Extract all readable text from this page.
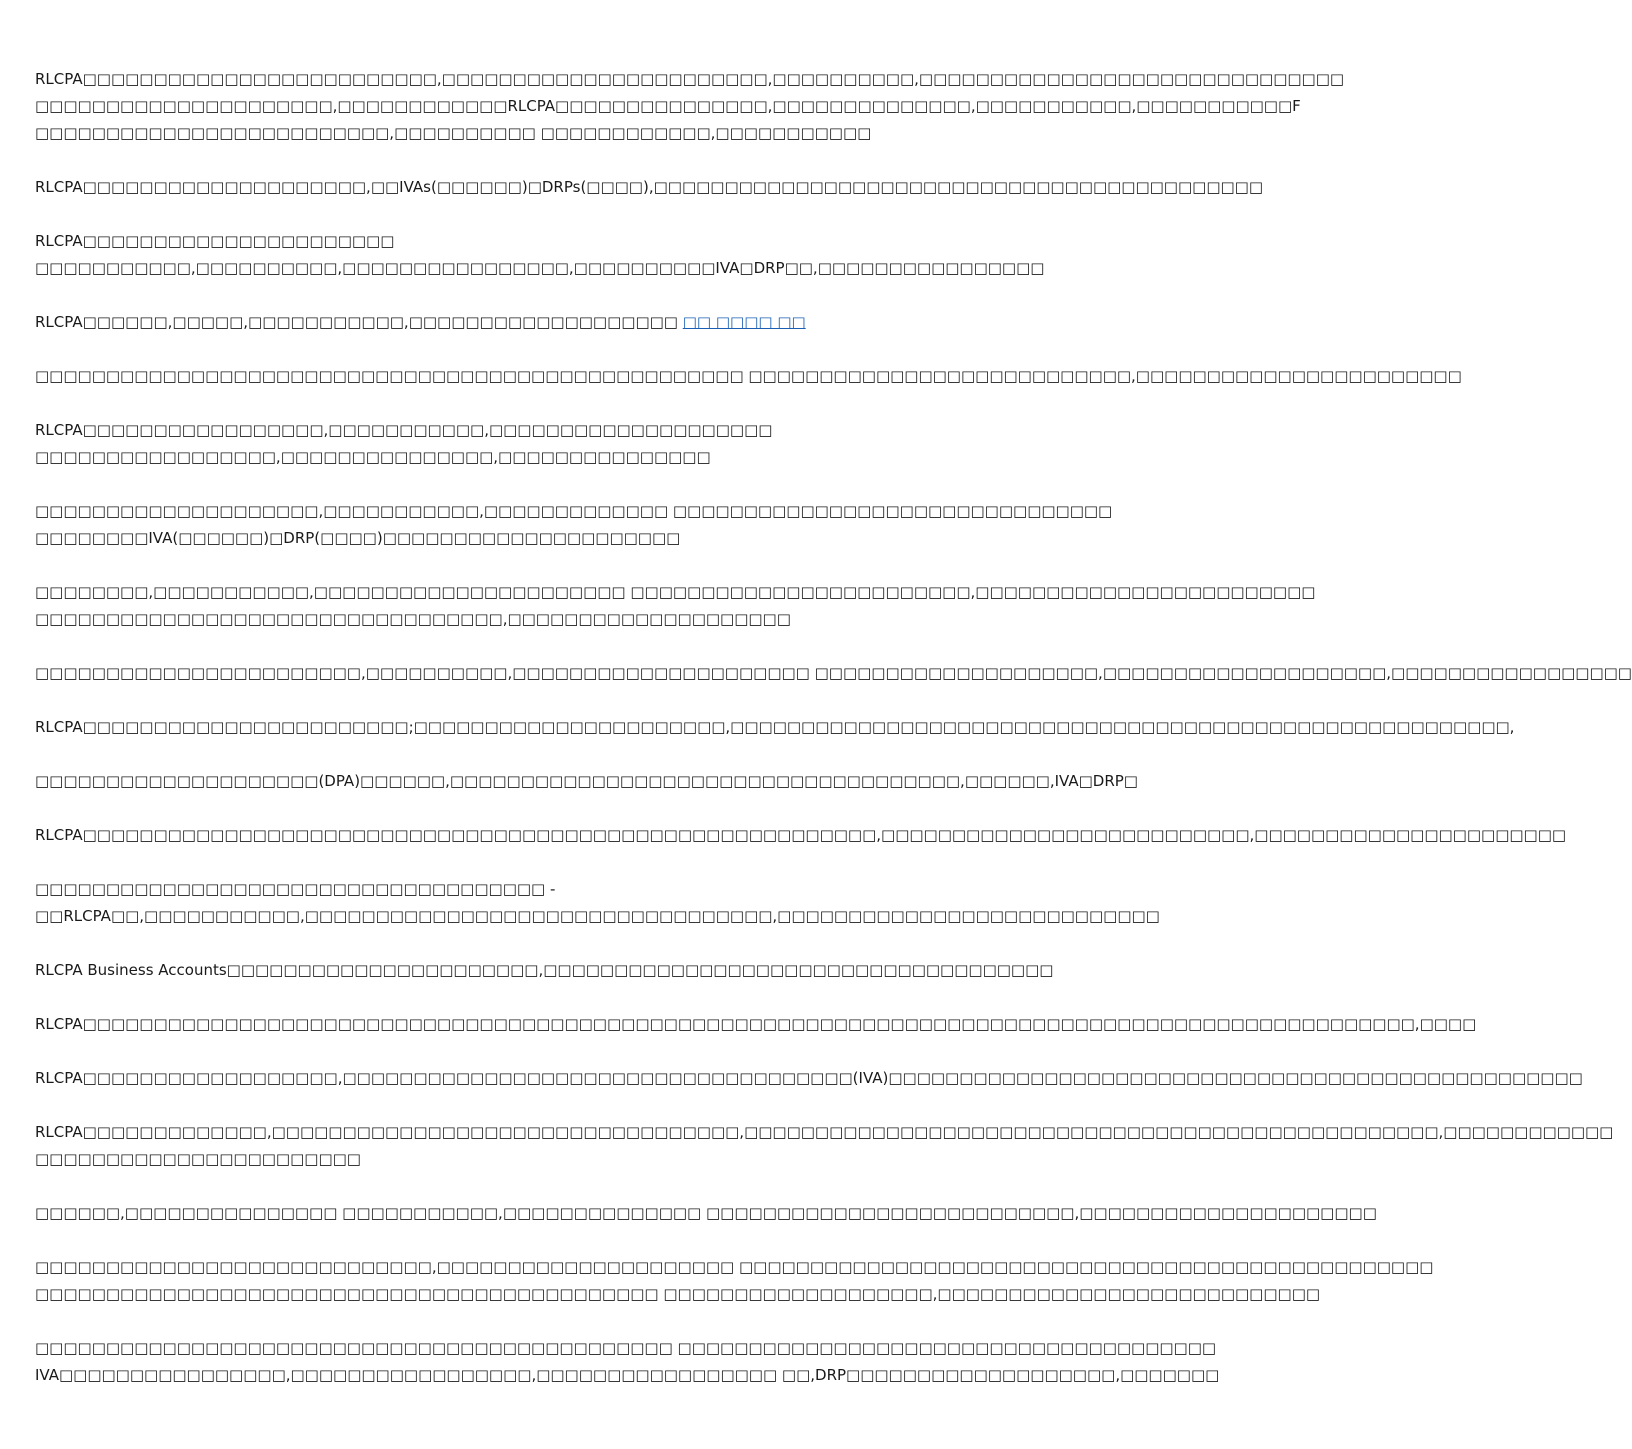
RLCPA□□□□□□□□□□□□□□□□□□□□□□□□□,□□□□□□□□□□□□□□□□□□□□□□□,□□□□□□□□□□,□□□□□□□□□□□□□□□□□□□□□□□□□□□□□□
□□□□□□□□□□□□□□□□□□□□□,□□□□□□□□□□□□RLCPA□□□□□□□□□□□□□□□,□□□□□□□□□□□□□□,□□□□□□□□□□□,□□□□□□□□□□□F
□□□□□□□□□□□□□□□□□□□□□□□□□,□□□□□□□□□□ □□□□□□□□□□□□,□□□□□□□□□□□
RLCPA□□□□□□□□□□□□□□□□□□□□,□□IVAs(□□□□□□)□DRPs(□□□□),□□□□□□□□□□□□□□□□□□□□□□□□□□□□□□□□□□□□□□□□□□□
RLCPA□□□□□□□□□□□□□□□□□□□□□□
□□□□□□□□□□□,□□□□□□□□□□,□□□□□□□□□□□□□□□□,□□□□□□□□□□IVA□DRP□□,□□□□□□□□□□□□□□□□
RLCPA□□□□□□,□□□□□,□□□□□□□□□□□,□□□□□□□□□□□□□□□□□□□ □□ □□□□ □□
□□□□□□□□□□□□□□□□□□□□□□□□□□□□□□□□□□□□□□□□□□□□□□□□□□ □□□□□□□□□□□□□□□□□□□□□□□□□□□,□□□□□□□□□□□□□□□□□□□□□□□
RLCPA□□□□□□□□□□□□□□□□□,□□□□□□□□□□□,□□□□□□□□□□□□□□□□□□□□
□□□□□□□□□□□□□□□□□,□□□□□□□□□□□□□□□,□□□□□□□□□□□□□□□
□□□□□□□□□□□□□□□□□□□□,□□□□□□□□□□□,□□□□□□□□□□□□□ □□□□□□□□□□□□□□□□□□□□□□□□□□□□□□□
□□□□□□□□IVA(□□□□□□)□DRP(□□□□)□□□□□□□□□□□□□□□□□□□□□
□□□□□□□□,□□□□□□□□□□□,□□□□□□□□□□□□□□□□□□□□□□ □□□□□□□□□□□□□□□□□□□□□□□□,□□□□□□□□□□□□□□□□□□□□□□□□
□□□□□□□□□□□□□□□□□□□□□□□□□□□□□□□□□,□□□□□□□□□□□□□□□□□□□□
□□□□□□□□□□□□□□□□□□□□□□□,□□□□□□□□□□,□□□□□□□□□□□□□□□□□□□□□ □□□□□□□□□□□□□□□□□□□□,□□□□□□□□□□□□□□□□□□□□,□□□□□□□□□□□□□□□□□
RLCPA□□□□□□□□□□□□□□□□□□□□□□□;□□□□□□□□□□□□□□□□□□□□□□,□□□□□□□□□□□□□□□□□□□□□□□□□□□□□□□□□□□□□□□□□□□□□□□□□□□□□□□,
□□□□□□□□□□□□□□□□□□□□(DPA)□□□□□□,□□□□□□□□□□□□□□□□□□□□□□□□□□□□□□□□□□□□,□□□□□□,IVA□DRP□
RLCPA□□□□□□□□□□□□□□□□□□□□□□□□□□□□□□□□□□□□□□□□□□□□□□□□□□□□□□□□,□□□□□□□□□□□□□□□□□□□□□□□□□□,□□□□□□□□□□□□□□□□□□□□□□
□□□□□□□□□□□□□□□□□□□□□□□□□□□□□□□□□□□□ -
□□RLCPA□□,□□□□□□□□□□□,□□□□□□□□□□□□□□□□□□□□□□□□□□□□□□□□□,□□□□□□□□□□□□□□□□□□□□□□□□□□□
RLCPA Business Accounts□□□□□□□□□□□□□□□□□□□□□□,□□□□□□□□□□□□□□□□□□□□□□□□□□□□□□□□□□□□
RLCPA□□□□□□□□□□□□□□□□□□□□□□□□□□□□□□□□□□□□□□□□□□□□□□□□□□□□□□□□□□□□□□□□□□□□□□□□□□□□□□□□□□□□□□□□□□□□□□,□□□□
RLCPA□□□□□□□□□□□□□□□□□□,□□□□□□□□□□□□□□□□□□□□□□□□□□□□□□□□□□□□(IVA)□□□□□□□□□□□□□□□□□□□□□□□□□□□□□□□□□□□□□□□□□□□□□□□□□
RLCPA□□□□□□□□□□□□□,□□□□□□□□□□□□□□□□□□□□□□□□□□□□□□□□□,□□□□□□□□□□□□□□□□□□□□□□□□□□□□□□□□□□□□□□□□□□□□□□□□□,□□□□□□□□□□□□
□□□□□□□□□□□□□□□□□□□□□□□
□□□□□□,□□□□□□□□□□□□□□□ □□□□□□□□□□□,□□□□□□□□□□□□□□ □□□□□□□□□□□□□□□□□□□□□□□□□□,□□□□□□□□□□□□□□□□□□□□□
□□□□□□□□□□□□□□□□□□□□□□□□□□□□,□□□□□□□□□□□□□□□□□□□□□ □□□□□□□□□□□□□□□□□□□□□□□□□□□□□□□□□□□□□□□□□□□□□□□□□
□□□□□□□□□□□□□□□□□□□□□□□□□□□□□□□□□□□□□□□□□□□□ □□□□□□□□□□□□□□□□□□□,□□□□□□□□□□□□□□□□□□□□□□□□□□□
□□□□□□□□□□□□□□□□□□□□□□□□□□□□□□□□□□□□□□□□□□□□□ □□□□□□□□□□□□□□□□□□□□□□□□□□□□□□□□□□□□□□
IVA□□□□□□□□□□□□□□□□,□□□□□□□□□□□□□□□□□,□□□□□□□□□□□□□□□□□ □□,DRP□□□□□□□□□□□□□□□□□□□,□□□□□□□
